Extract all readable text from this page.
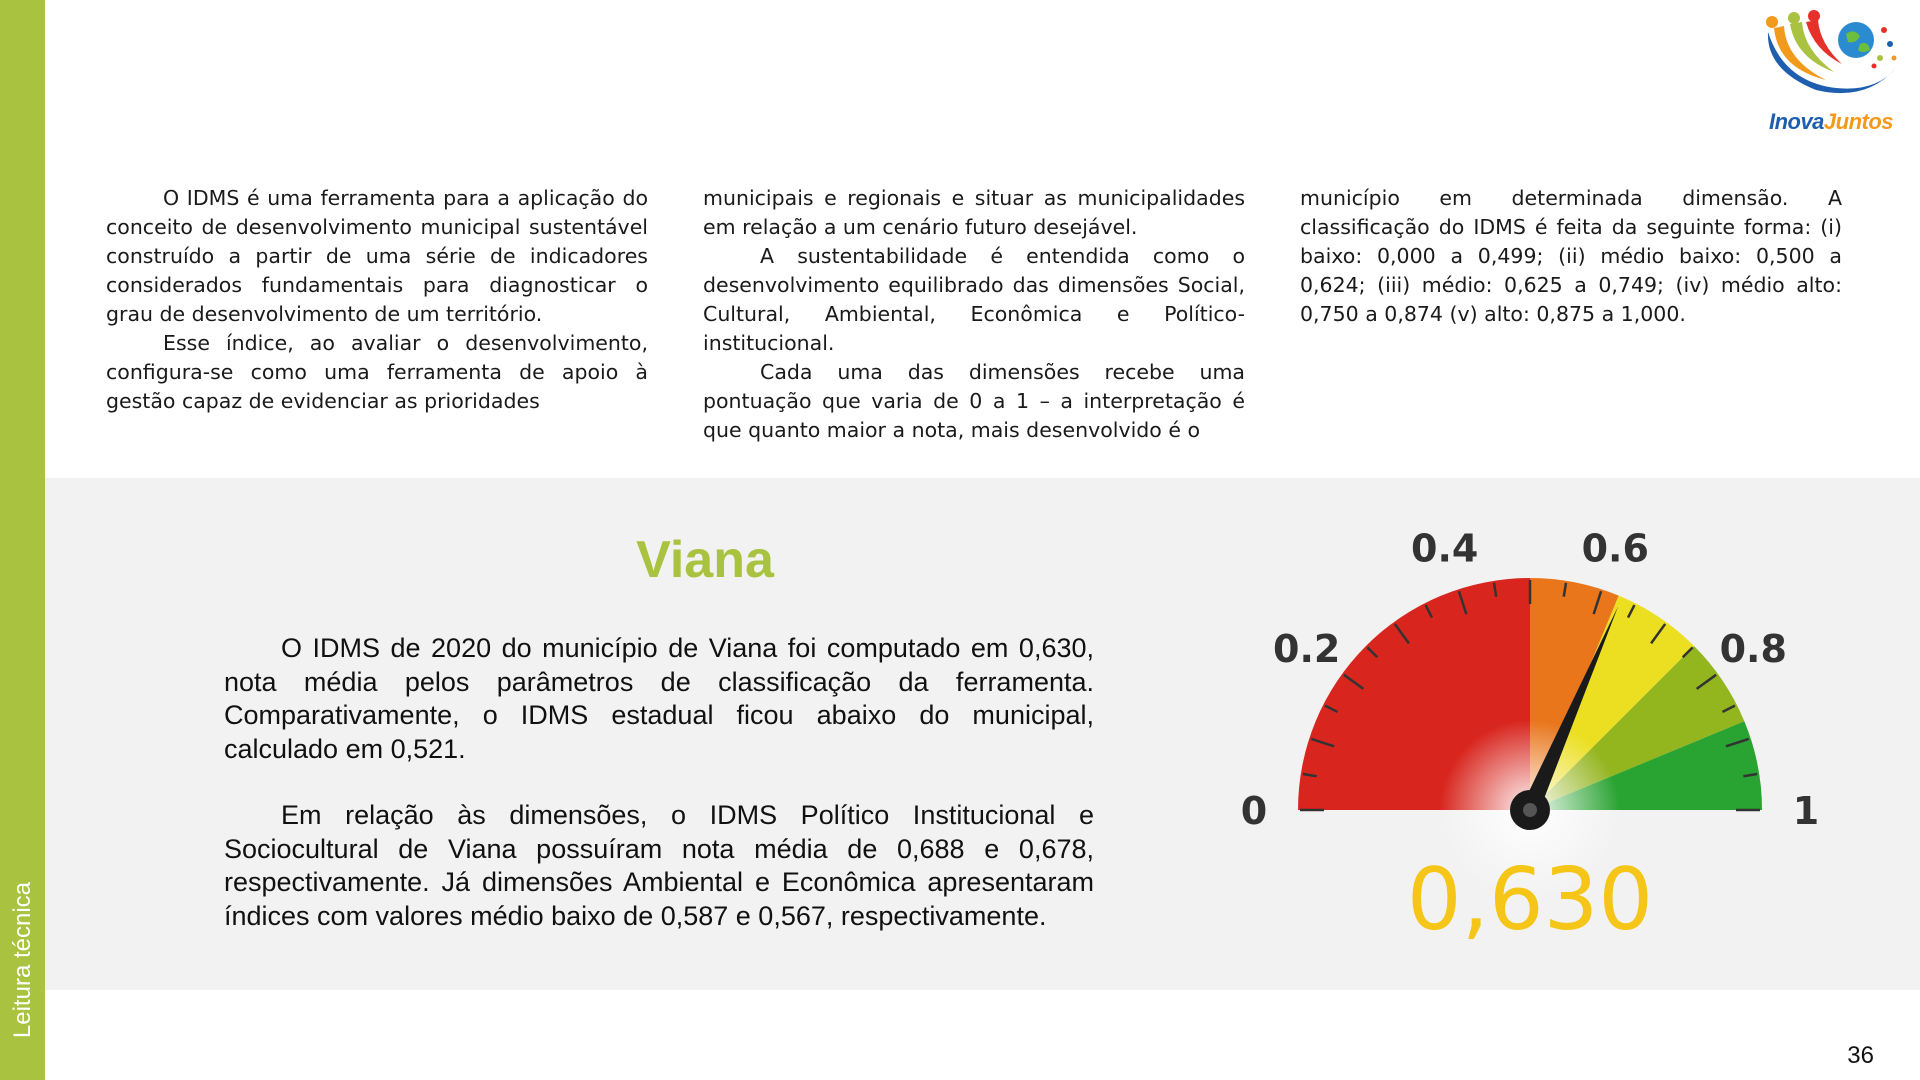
Leitura técnica
InovaJuntos

O IDMS é uma ferramenta para a aplicação do conceito de desenvolvimento municipal sustentável construído a partir de uma série de indicadores considerados fundamentais para diagnosticar o grau de desenvolvimento de um território.

Esse índice, ao avaliar o desenvolvimento, configura-se como uma ferramenta de apoio à gestão capaz de evidenciar as prioridades

municipais e regionais e situar as municipalidades em relação a um cenário futuro desejável.

A sustentabilidade é entendida como o desenvolvimento equilibrado das dimensões Social, Cultural, Ambiental, Econômica e Político-institucional.

Cada uma das dimensões recebe uma pontuação que varia de 0 a 1 – a interpretação é que quanto maior a nota, mais desenvolvido é o

município em determinada dimensão. A classificação do IDMS é feita da seguinte forma: (i) baixo: 0,000 a 0,499; (ii) médio baixo: 0,500 a 0,624; (iii) médio: 0,625 a 0,749; (iv) médio alto: 0,750 a 0,874 (v) alto: 0,875 a 1,000.

Viana

O IDMS de 2020 do município de Viana foi computado em 0,630, nota média pelos parâmetros de classificação da ferramenta. Comparativamente, o IDMS estadual ficou abaixo do municipal, calculado em 0,521.

Em relação às dimensões, o IDMS Político Institucional e Sociocultural de Viana possuíram nota média de 0,688 e 0,678, respectivamente. Já dimensões Ambiental e Econômica apresentaram índices com valores médio baixo de 0,587 e 0,567, respectivamente.

0
0.2
0.4	0.6
0.8
1
0,630
36
